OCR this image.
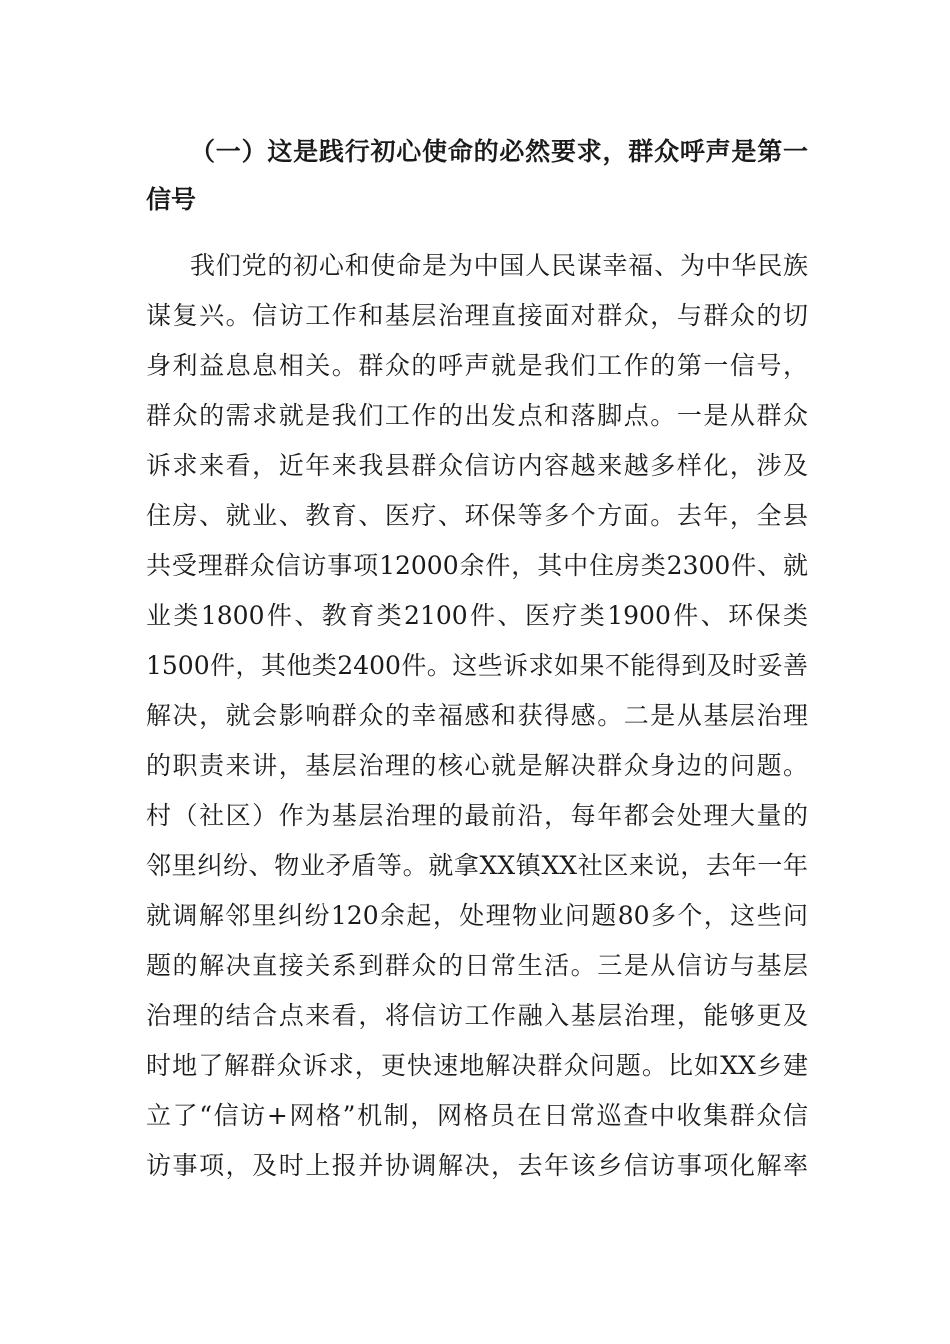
（一）这是践行初心使命的必然要求，群众呼声是第一
信号
我们党的初心和使命是为中国人民谋幸福、为中华民族
谋复兴。信访工作和基层治理直接面对群众，与群众的切
身利益息息相关。群众的呼声就是我们工作的第一信号，
群众的需求就是我们工作的出发点和落脚点。一是从群众
诉求来看，近年来我县群众信访内容越来越多样化，涉及
住房、就业、教育、医疗、环保等多个方面。去年，全县
共受理群众信访事项12000余件，其中住房类2300件、就
业类1800件、教育类2100件、医疗类1900件、环保类
1500件，其他类2400件。这些诉求如果不能得到及时妥善
解决，就会影响群众的幸福感和获得感。二是从基层治理
的职责来讲，基层治理的核心就是解决群众身边的问题。
村（社区）作为基层治理的最前沿，每年都会处理大量的
邻里纠纷、物业矛盾等。就拿XX镇XX社区来说，去年一年
就调解邻里纠纷120余起，处理物业问题80多个，这些问
题的解决直接关系到群众的日常生活。三是从信访与基层
治理的结合点来看，将信访工作融入基层治理，能够更及
时地了解群众诉求，更快速地解决群众问题。比如XX乡建
立了“信访+网格”机制，网格员在日常巡查中收集群众信
访事项，及时上报并协调解决，去年该乡信访事项化解率
